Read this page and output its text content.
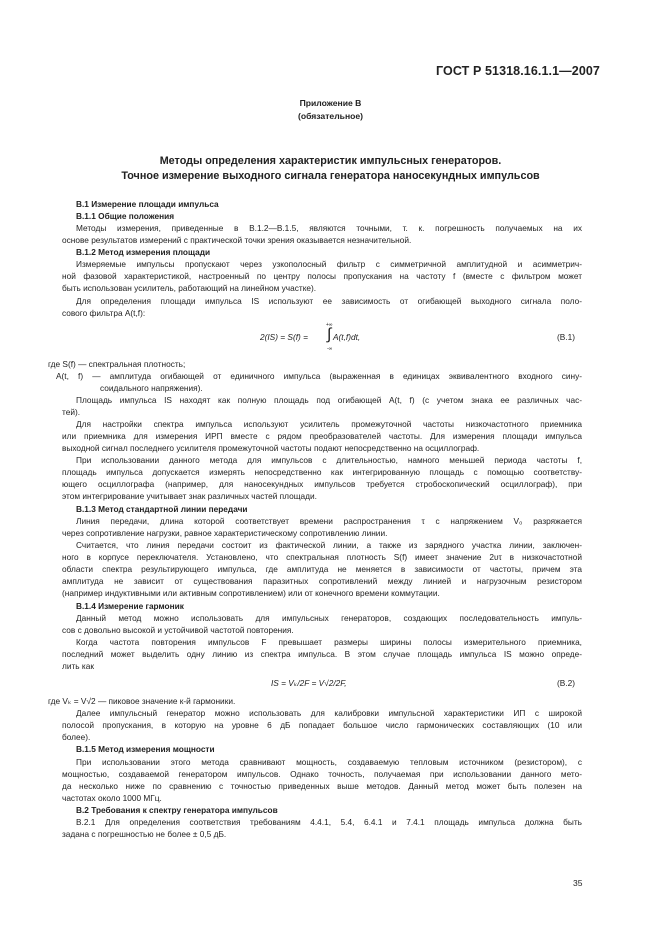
ГОСТ Р 51318.16.1.1—2007
Приложение В
(обязательное)
Методы определения характеристик импульсных генераторов.
Точное измерение выходного сигнала генератора наносекундных импульсов
В.1 Измерение площади импульса
В.1.1 Общие положения
Методы измерения, приведенные в В.1.2—В.1.5, являются точными, т. к. погрешность получаемых на их
основе результатов измерений с практической точки зрения оказывается незначительной.
В.1.2 Метод измерения площади
Измеряемые импульсы пропускают через узкополосный фильтр с симметричной амплитудной и асимметрич-
ной фазовой характеристикой, настроенный по центру полосы пропускания на частоту f (вместе с фильтром может
быть использован усилитель, работающий на линейном участке).
Для определения площади импульса IS используют ее зависимость от огибающей выходного сигнала поло-
сового фильтра A(t,f):
2(IS) = S(f) = ∫
+∞
-∞
A(t,f)dt,	(В.1)
где S(f) — спектральная плотность;
A(t, f) — амплитуда огибающей от единичного импульса (выраженная в единицах эквивалентного входного сину-
соидального напряжения).
Площадь импульса IS находят как полную площадь под огибающей A(t, f) (с учетом знака ее различных час-
тей).
Для настройки спектра импульса используют усилитель промежуточной частоты низкочастотного приемника
или приемника для измерения ИРП вместе с рядом преобразователей частоты. Для измерения площади импульса
выходной сигнал последнего усилителя промежуточной частоты подают непосредственно на осциллограф.
При использовании данного метода для импульсов с длительностью, намного меньшей периода частоты f,
площадь импульса допускается измерять непосредственно как интегрированную площадь с помощью соответству-
ющего осциллографа (например, для наносекундных импульсов требуется стробоскопический осциллограф), при
этом интегрирование учитывает знак различных частей площади.
В.1.3 Метод стандартной линии передачи
Линия передачи, длина которой соответствует времени распространения τ с напряжением V₀ разряжается
через сопротивление нагрузки, равное характеристическому сопротивлению линии.
Считается, что линия передачи состоит из фактической линии, а также из зарядного участка линии, заключен-
ного в корпусе переключателя. Установлено, что спектральная плотность S(f) имеет значение 2υτ в низкочастотной
области спектра результирующего импульса, где амплитуда не меняется в зависимости от частоты, причем эта
амплитуда не зависит от существования паразитных сопротивлений между линией и нагрузочным резистором
(например индуктивными или активным сопротивлением) или от конечного времени коммутации.
В.1.4 Измерение гармоник
Данный метод можно использовать для импульсных генераторов, создающих последовательность импуль-
сов с довольно высокой и устойчивой частотой повторения.
Когда частота повторения импульсов F превышает размеры ширины полосы измерительного приемника,
последний может выделить одну линию из спектра импульса. В этом случае площадь импульса IS можно опреде-
лить как
IS = Vₖ/2F = V√2/2F,	(В.2)
где Vₖ = V√2 — пиковое значение к-й гармоники.
Далее импульсный генератор можно использовать для калибровки импульсной характеристики ИП с широкой
полосой пропускания, в которую на уровне 6 дБ попадает большое число гармонических составляющих (10 или
более).
В.1.5 Метод измерения мощности
При использовании этого метода сравнивают мощность, создаваемую тепловым источником (резистором), с
мощностью, создаваемой генератором импульсов. Однако точность, получаемая при использовании данного мето-
да несколько ниже по сравнению с точностью приведенных выше методов. Данный метод может быть полезен на
частотах около 1000 МГц.
В.2 Требования к спектру генератора импульсов
В.2.1 Для определения соответствия требованиям 4.4.1, 5.4, 6.4.1 и 7.4.1 площадь импульса должна быть
задана с погрешностью не более ± 0,5 дБ.
35
